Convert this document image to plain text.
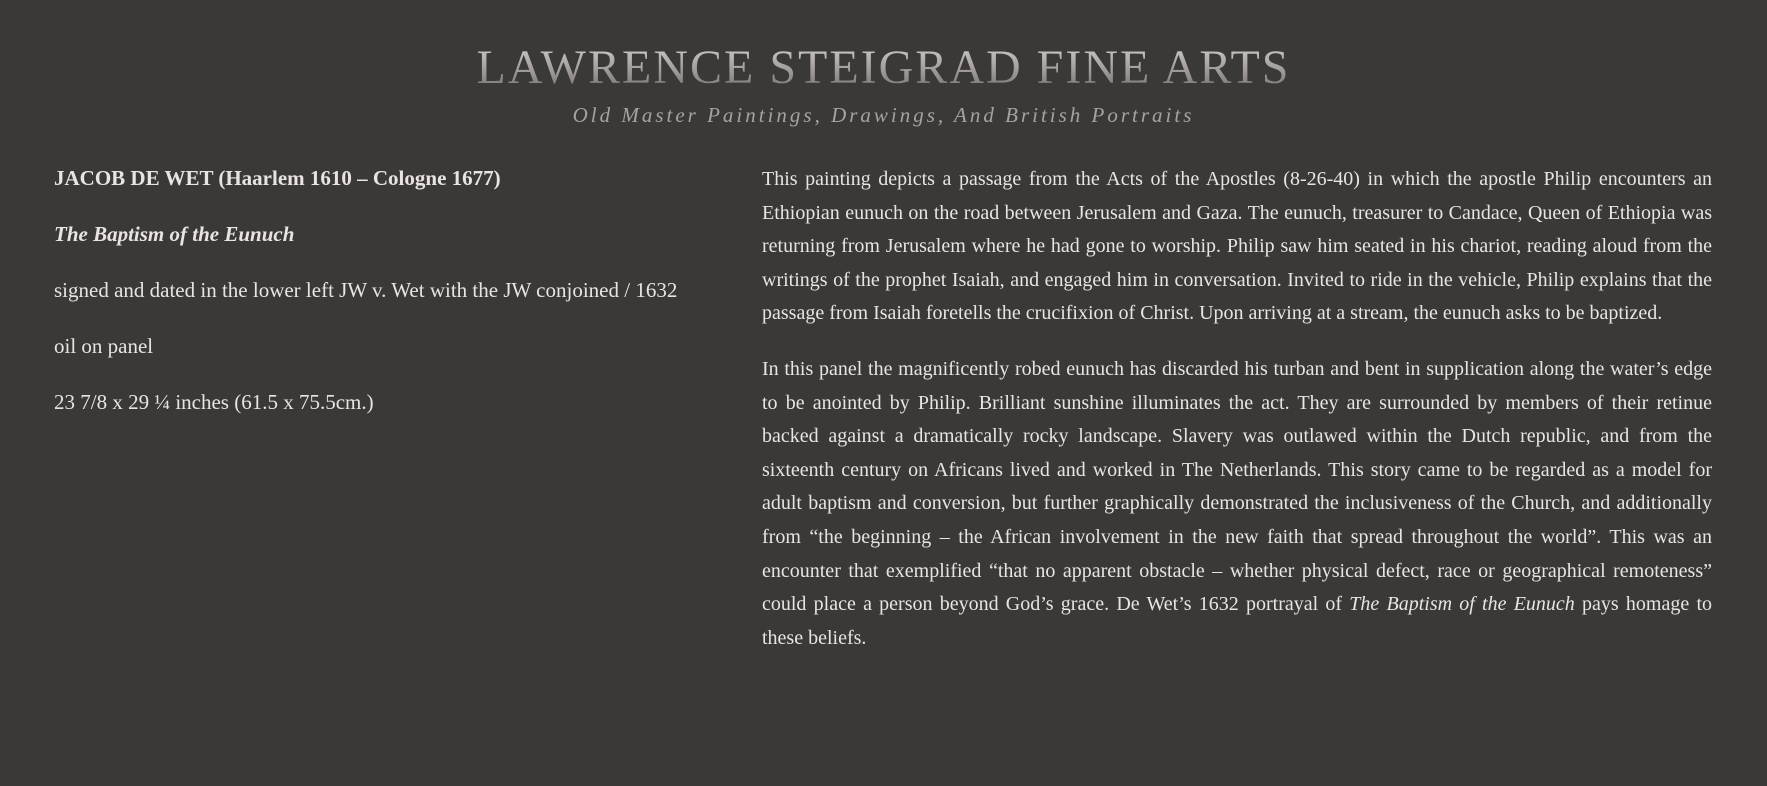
LAWRENCE STEIGRAD FINE ARTS
Old Master Paintings, Drawings, And British Portraits

JACOB DE WET (Haarlem 1610 – Cologne 1677)

The Baptism of the Eunuch

signed and dated in the lower left JW v. Wet with the JW conjoined / 1632

oil on panel

23 7/8 x 29 ¼ inches (61.5 x 75.5cm.)

This painting depicts a passage from the Acts of the Apostles (8-26-40) in which the apostle Philip encounters an Ethiopian eunuch on the road between Jerusalem and Gaza. The eunuch, treasurer to Candace, Queen of Ethiopia was returning from Jerusalem where he had gone to worship. Philip saw him seated in his chariot, reading aloud from the writings of the prophet Isaiah, and engaged him in conversation. Invited to ride in the vehicle, Philip explains that the passage from Isaiah foretells the crucifixion of Christ. Upon arriving at a stream, the eunuch asks to be baptized.

In this panel the magnificently robed eunuch has discarded his turban and bent in supplication along the water’s edge to be anointed by Philip. Brilliant sunshine illuminates the act. They are surrounded by members of their retinue backed against a dramatically rocky landscape. Slavery was outlawed within the Dutch republic, and from the sixteenth century on Africans lived and worked in The Netherlands. This story came to be regarded as a model for adult baptism and conversion, but further graphically demonstrated the inclusiveness of the Church, and additionally from “the beginning – the African involvement in the new faith that spread throughout the world”. This was an encounter that exemplified “that no apparent obstacle – whether physical defect, race or geographical remoteness” could place a person beyond God’s grace. De Wet’s 1632 portrayal of The Baptism of the Eunuch pays homage to these beliefs.
